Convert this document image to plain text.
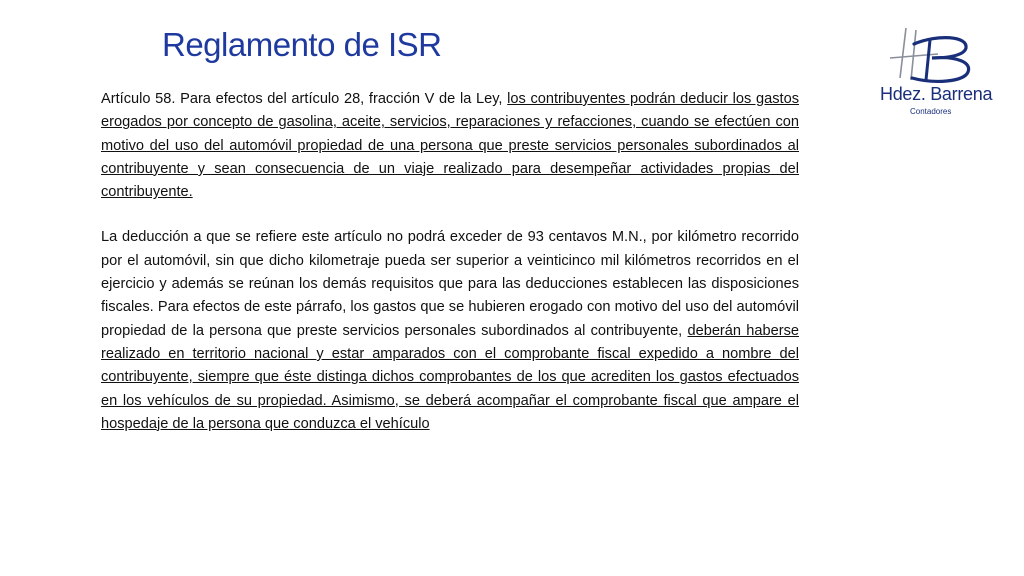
Reglamento de ISR
Hdez. Barrena
Contadores

Artículo 58. Para efectos del artículo 28, fracción V de la Ley, los contribuyentes podrán deducir los gastos erogados por concepto de gasolina, aceite, servicios, reparaciones y refacciones, cuando se efectúen con motivo del uso del automóvil propiedad de una persona que preste servicios personales subordinados al contribuyente y sean consecuencia de un viaje realizado para desempeñar actividades propias del contribuyente.

La deducción a que se refiere este artículo no podrá exceder de 93 centavos M.N., por kilómetro recorrido por el automóvil, sin que dicho kilometraje pueda ser superior a veinticinco mil kilómetros recorridos en el ejercicio y además se reúnan los demás requisitos que para las deducciones establecen las disposiciones fiscales. Para efectos de este párrafo, los gastos que se hubieren erogado con motivo del uso del automóvil propiedad de la persona que preste servicios personales subordinados al contribuyente, deberán haberse realizado en territorio nacional y estar amparados con el comprobante fiscal expedido a nombre del contribuyente, siempre que éste distinga dichos comprobantes de los que acrediten los gastos efectuados en los vehículos de su propiedad. Asimismo, se deberá acompañar el comprobante fiscal que ampare el hospedaje de la persona que conduzca el vehículo
